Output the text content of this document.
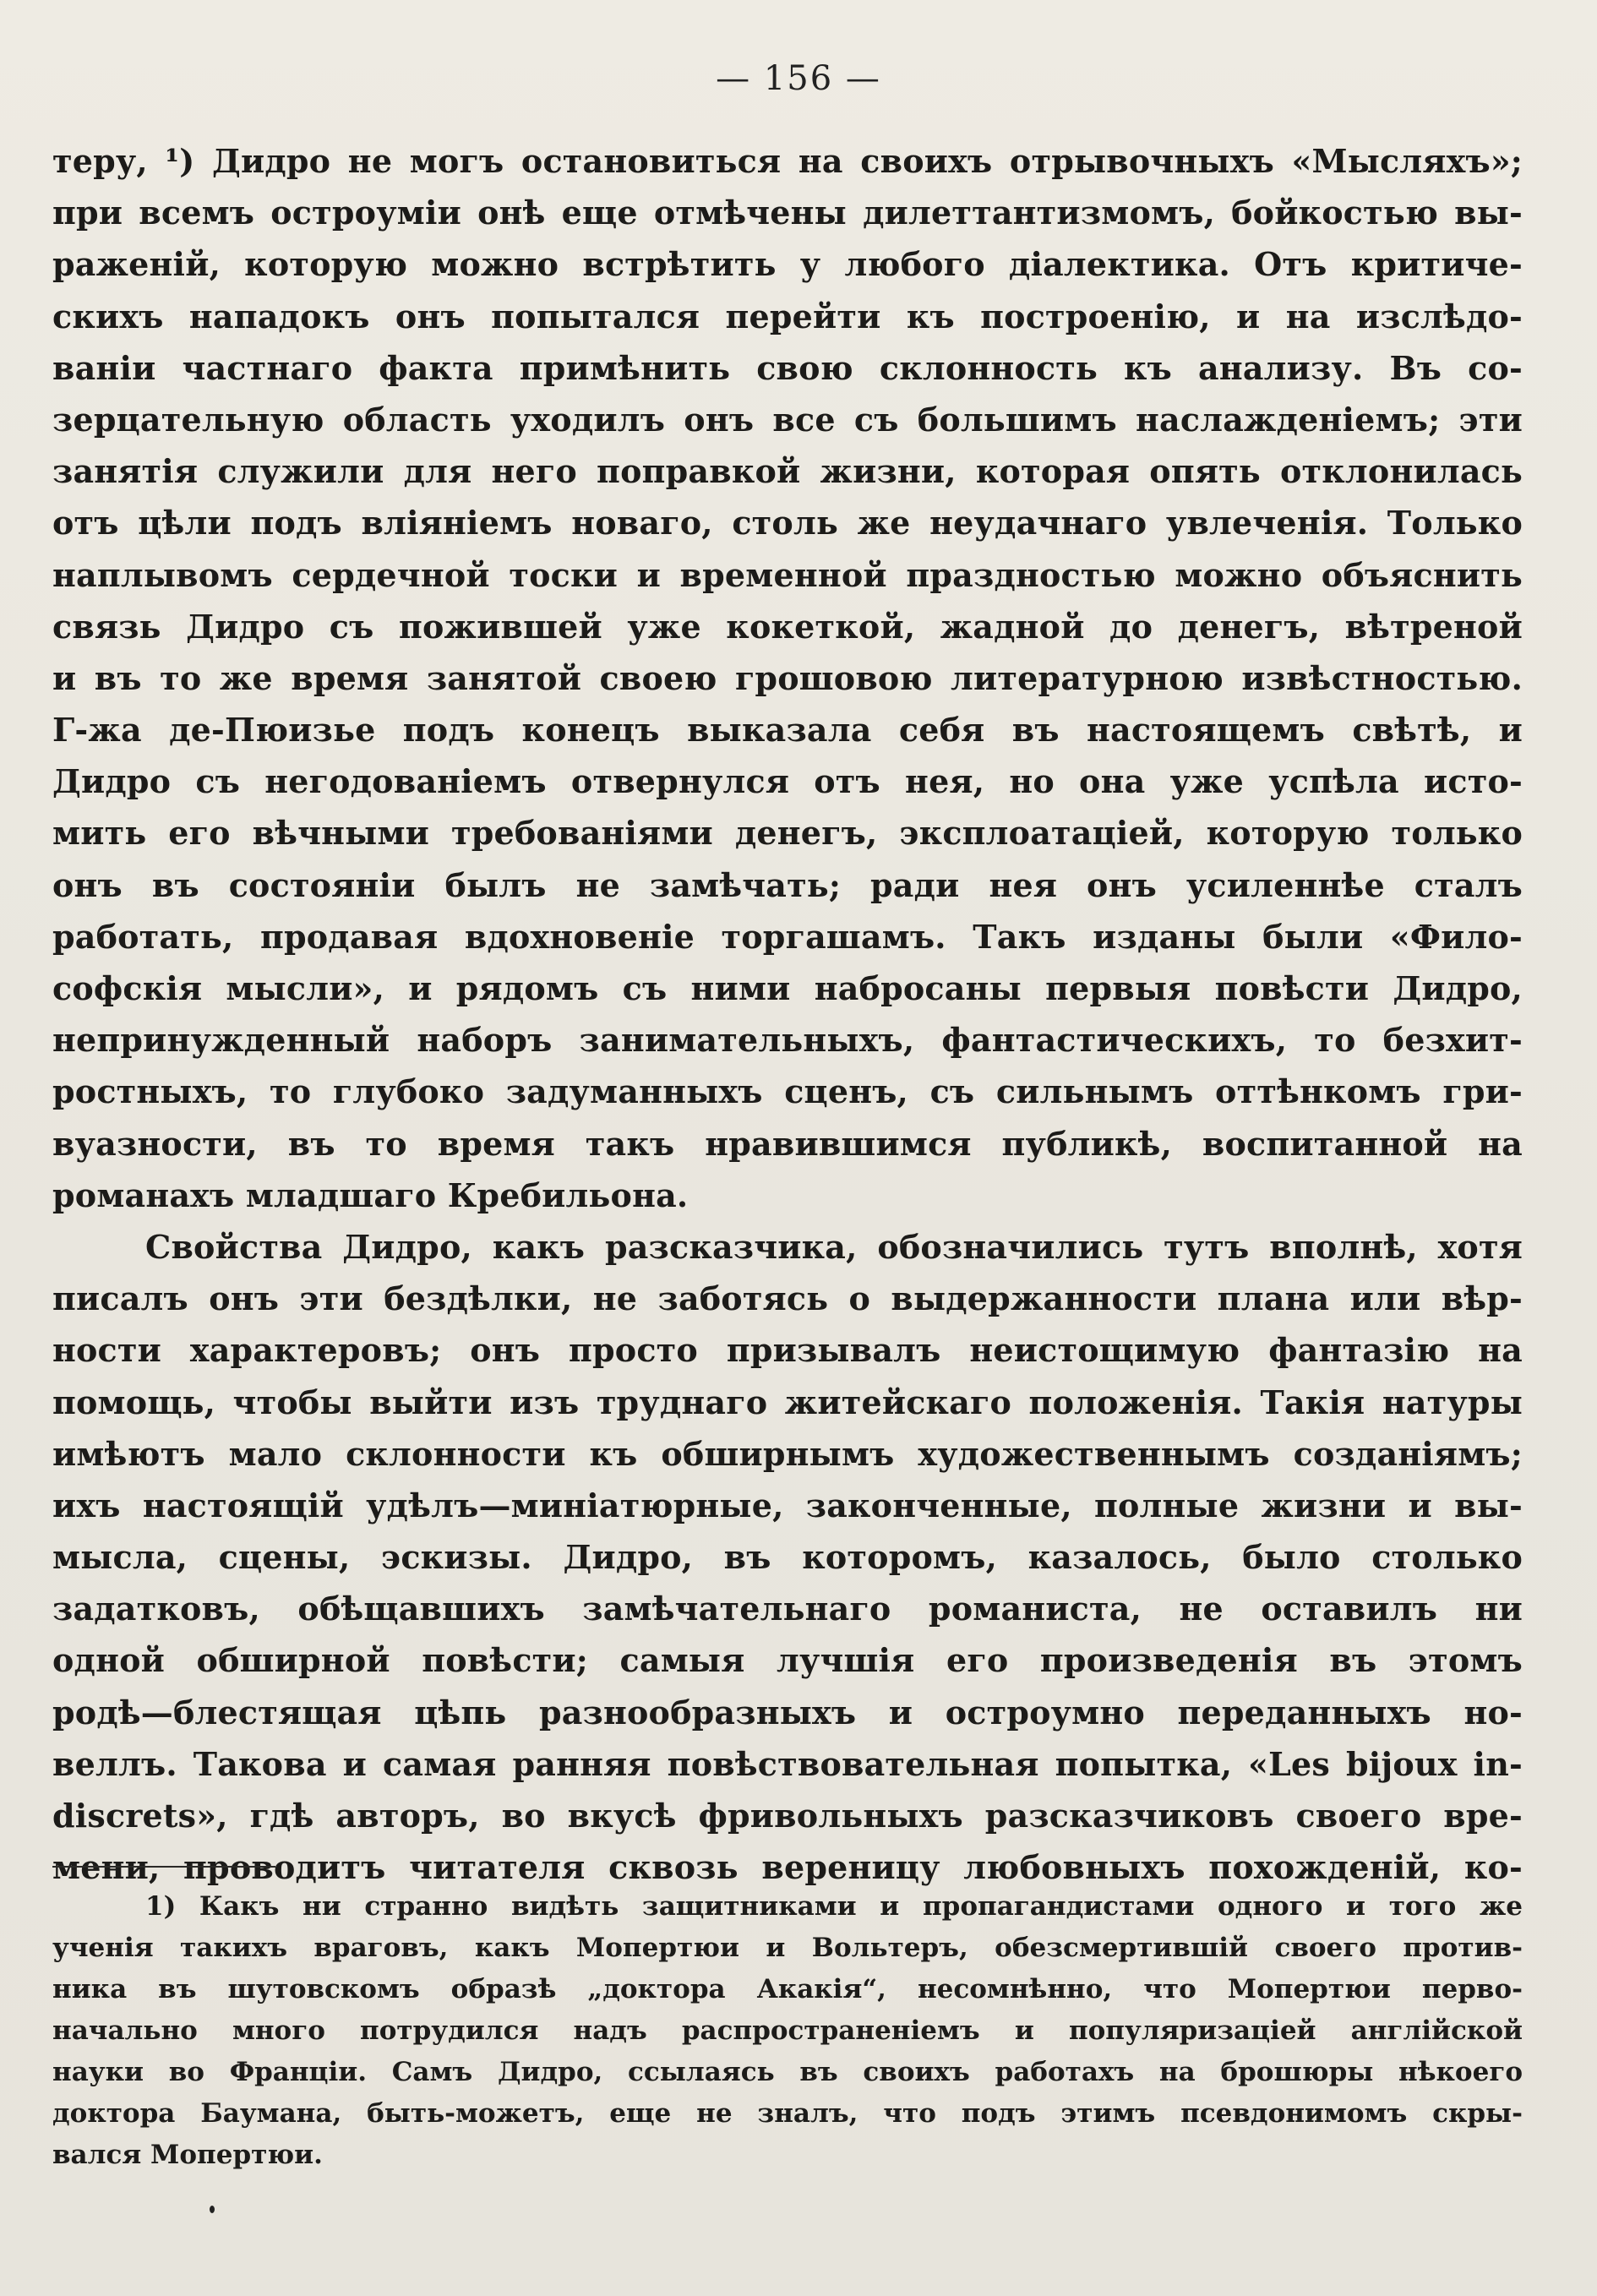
— 156 —
теру, ¹) Дидро не могъ остановиться на своихъ отрывочныхъ «Мысляхъ»;
при всемъ остроуміи онѣ еще отмѣчены дилеттантизмомъ, бойкостью вы-
раженій, которую можно встрѣтить у любого діалектика. Отъ критиче-
скихъ нападокъ онъ попытался перейти къ построенію, и на изслѣдо-
ваніи частнаго факта примѣнить свою склонность къ анализу. Въ со-
зерцательную область уходилъ онъ все съ большимъ наслажденіемъ; эти
занятія служили для него поправкой жизни, которая опять отклонилась
отъ цѣли подъ вліяніемъ новаго, столь же неудачнаго увлеченія. Только
наплывомъ сердечной тоски и временной праздностью можно объяснить
связь Дидро съ пожившей уже кокеткой, жадной до денегъ, вѣтреной
и въ то же время занятой своею грошовою литературною извѣстностью.
Г-жа де-Пюизье подъ конецъ выказала себя въ настоящемъ свѣтѣ, и
Дидро съ негодованіемъ отвернулся отъ нея, но она уже успѣла исто-
мить его вѣчными требованіями денегъ, эксплоатаціей, которую только
онъ въ состояніи былъ не замѣчать; ради нея онъ усиленнѣе сталъ
работать, продавая вдохновеніе торгашамъ. Такъ изданы были «Фило-
софскія мысли», и рядомъ съ ними набросаны первыя повѣсти Дидро,
непринужденный наборъ занимательныхъ, фантастическихъ, то безхит-
ростныхъ, то глубоко задуманныхъ сценъ, съ сильнымъ оттѣнкомъ гри-
вуазности, въ то время такъ нравившимся публикѣ, воспитанной на
романахъ младшаго Кребильона.
Свойства Дидро, какъ разсказчика, обозначились тутъ вполнѣ, хотя
писалъ онъ эти бездѣлки, не заботясь о выдержанности плана или вѣр-
ности характеровъ; онъ просто призывалъ неистощимую фантазію на
помощь, чтобы выйти изъ труднаго житейскаго положенія. Такія натуры
имѣютъ мало склонности къ обширнымъ художественнымъ созданіямъ;
ихъ настоящій удѣлъ—миніатюрные, законченные, полные жизни и вы-
мысла, сцены, эскизы. Дидро, въ которомъ, казалось, было столько
задатковъ, обѣщавшихъ замѣчательнаго романиста, не оставилъ ни
одной обширной повѣсти; самыя лучшія его произведенія въ этомъ
родѣ—блестящая цѣпь разнообразныхъ и остроумно переданныхъ но-
веллъ. Такова и самая ранняя повѣствовательная попытка, «Les bijoux in-
discrets», гдѣ авторъ, во вкусѣ фривольныхъ разсказчиковъ своего вре-
мени, проводитъ читателя сквозь вереницу любовныхъ похожденій, ко-
1) Какъ ни странно видѣть защитниками и пропагандистами одного и того же
ученія такихъ враговъ, какъ Мопертюи и Вольтеръ, обезсмертившій своего против-
ника въ шутовскомъ образѣ „доктора Акакія“, несомнѣнно, что Мопертюи перво-
начально много потрудился надъ распространеніемъ и популяризаціей англійской
науки во Франціи. Самъ Дидро, ссылаясь въ своихъ работахъ на брошюры нѣкоего
доктора Баумана, быть-можетъ, еще не зналъ, что подъ этимъ псевдонимомъ скры-
вался Мопертюи.
